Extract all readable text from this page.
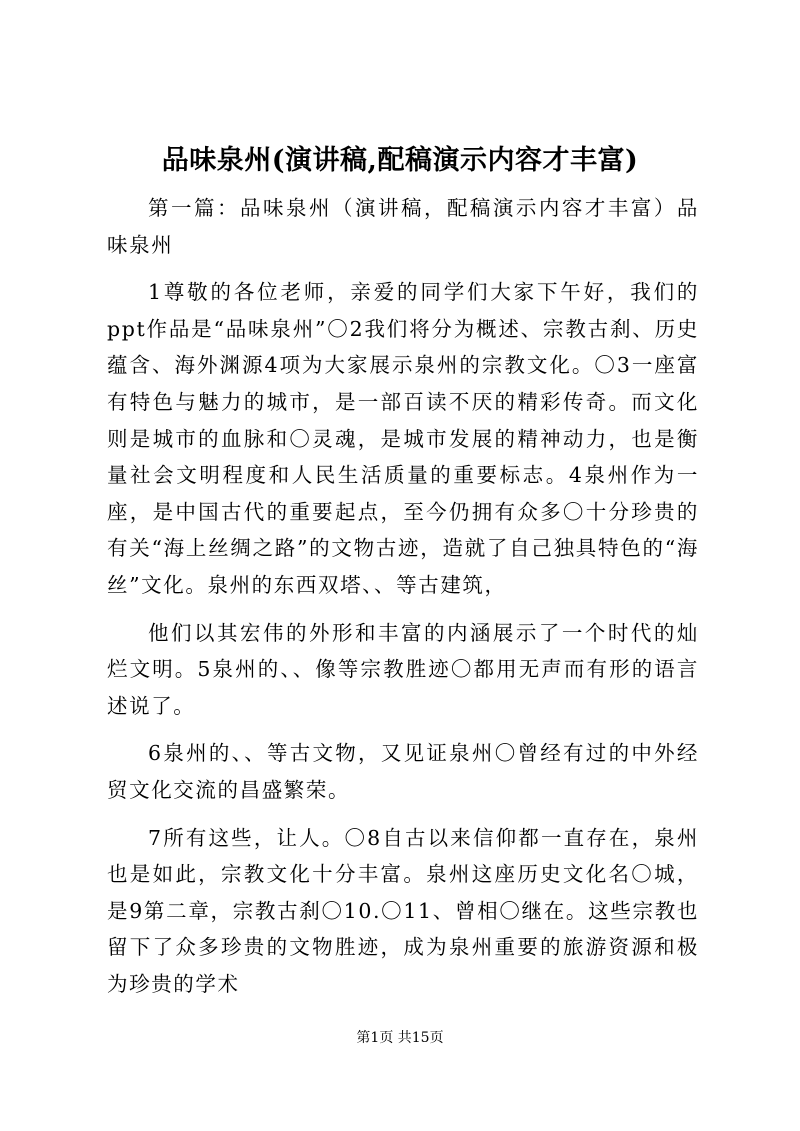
品味泉州(演讲稿,配稿演示内容才丰富)

第一篇：品味泉州（演讲稿，配稿演示内容才丰富）品味泉州

1尊敬的各位老师，亲爱的同学们大家下午好，我们的ppt作品是“品味泉州”〇2我们将分为概述、宗教古刹、历史蕴含、海外渊源4项为大家展示泉州的宗教文化。〇3一座富有特色与魅力的城市，是一部百读不厌的精彩传奇。而文化则是城市的血脉和〇灵魂，是城市发展的精神动力，也是衡量社会文明程度和人民生活质量的重要标志。4泉州作为一座，是中国古代的重要起点，至今仍拥有众多〇十分珍贵的有关“海上丝绸之路”的文物古迹，造就了自己独具特色的“海丝”文化。泉州的东西双塔、、等古建筑，

他们以其宏伟的外形和丰富的内涵展示了一个时代的灿烂文明。5泉州的、、像等宗教胜迹〇都用无声而有形的语言述说了。

6泉州的、、等古文物，又见证泉州〇曾经有过的中外经贸文化交流的昌盛繁荣。

7所有这些，让人。〇8自古以来信仰都一直存在，泉州也是如此，宗教文化十分丰富。泉州这座历史文化名〇城，是9第二章，宗教古刹〇10.〇11、曾相〇继在。这些宗教也留下了众多珍贵的文物胜迹，成为泉州重要的旅游资源和极为珍贵的学术

第1页 共15页
